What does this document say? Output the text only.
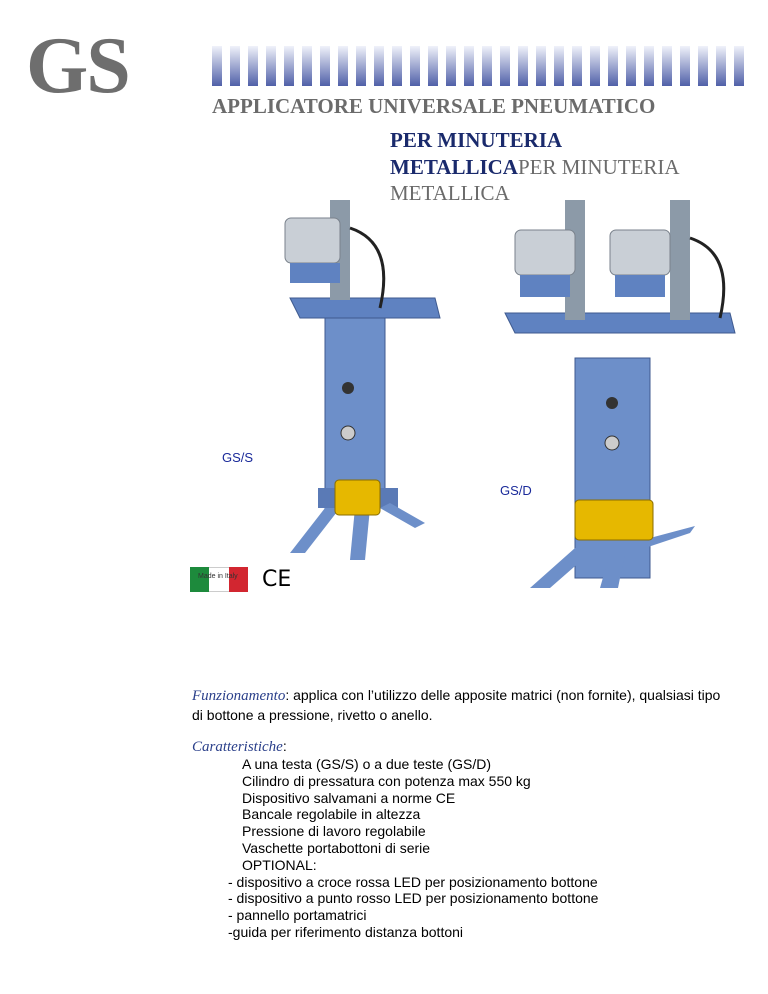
GS	APPLICATORE UNIVERSALE PNEUMATICO
PER MINUTERIA
METALLICAPER MINUTERIA
METALLICA
GS/S
GS/D
Made in Italy CE
Funzionamento: applica con l’utilizzo delle apposite matrici (non fornite), qualsiasi tipo di bottone a pressione, rivetto o anello.
Caratteristiche:
A una testa (GS/S) o a due teste (GS/D)
Cilindro di pressatura con potenza max 550 kg
Dispositivo salvamani a norme CE
Bancale regolabile in altezza
Pressione di lavoro regolabile
Vaschette portabottoni di serie
OPTIONAL:
- dispositivo a croce rossa LED per posizionamento bottone
- dispositivo a punto rosso LED per posizionamento bottone
- pannello portamatrici
-guida per riferimento distanza bottoni
